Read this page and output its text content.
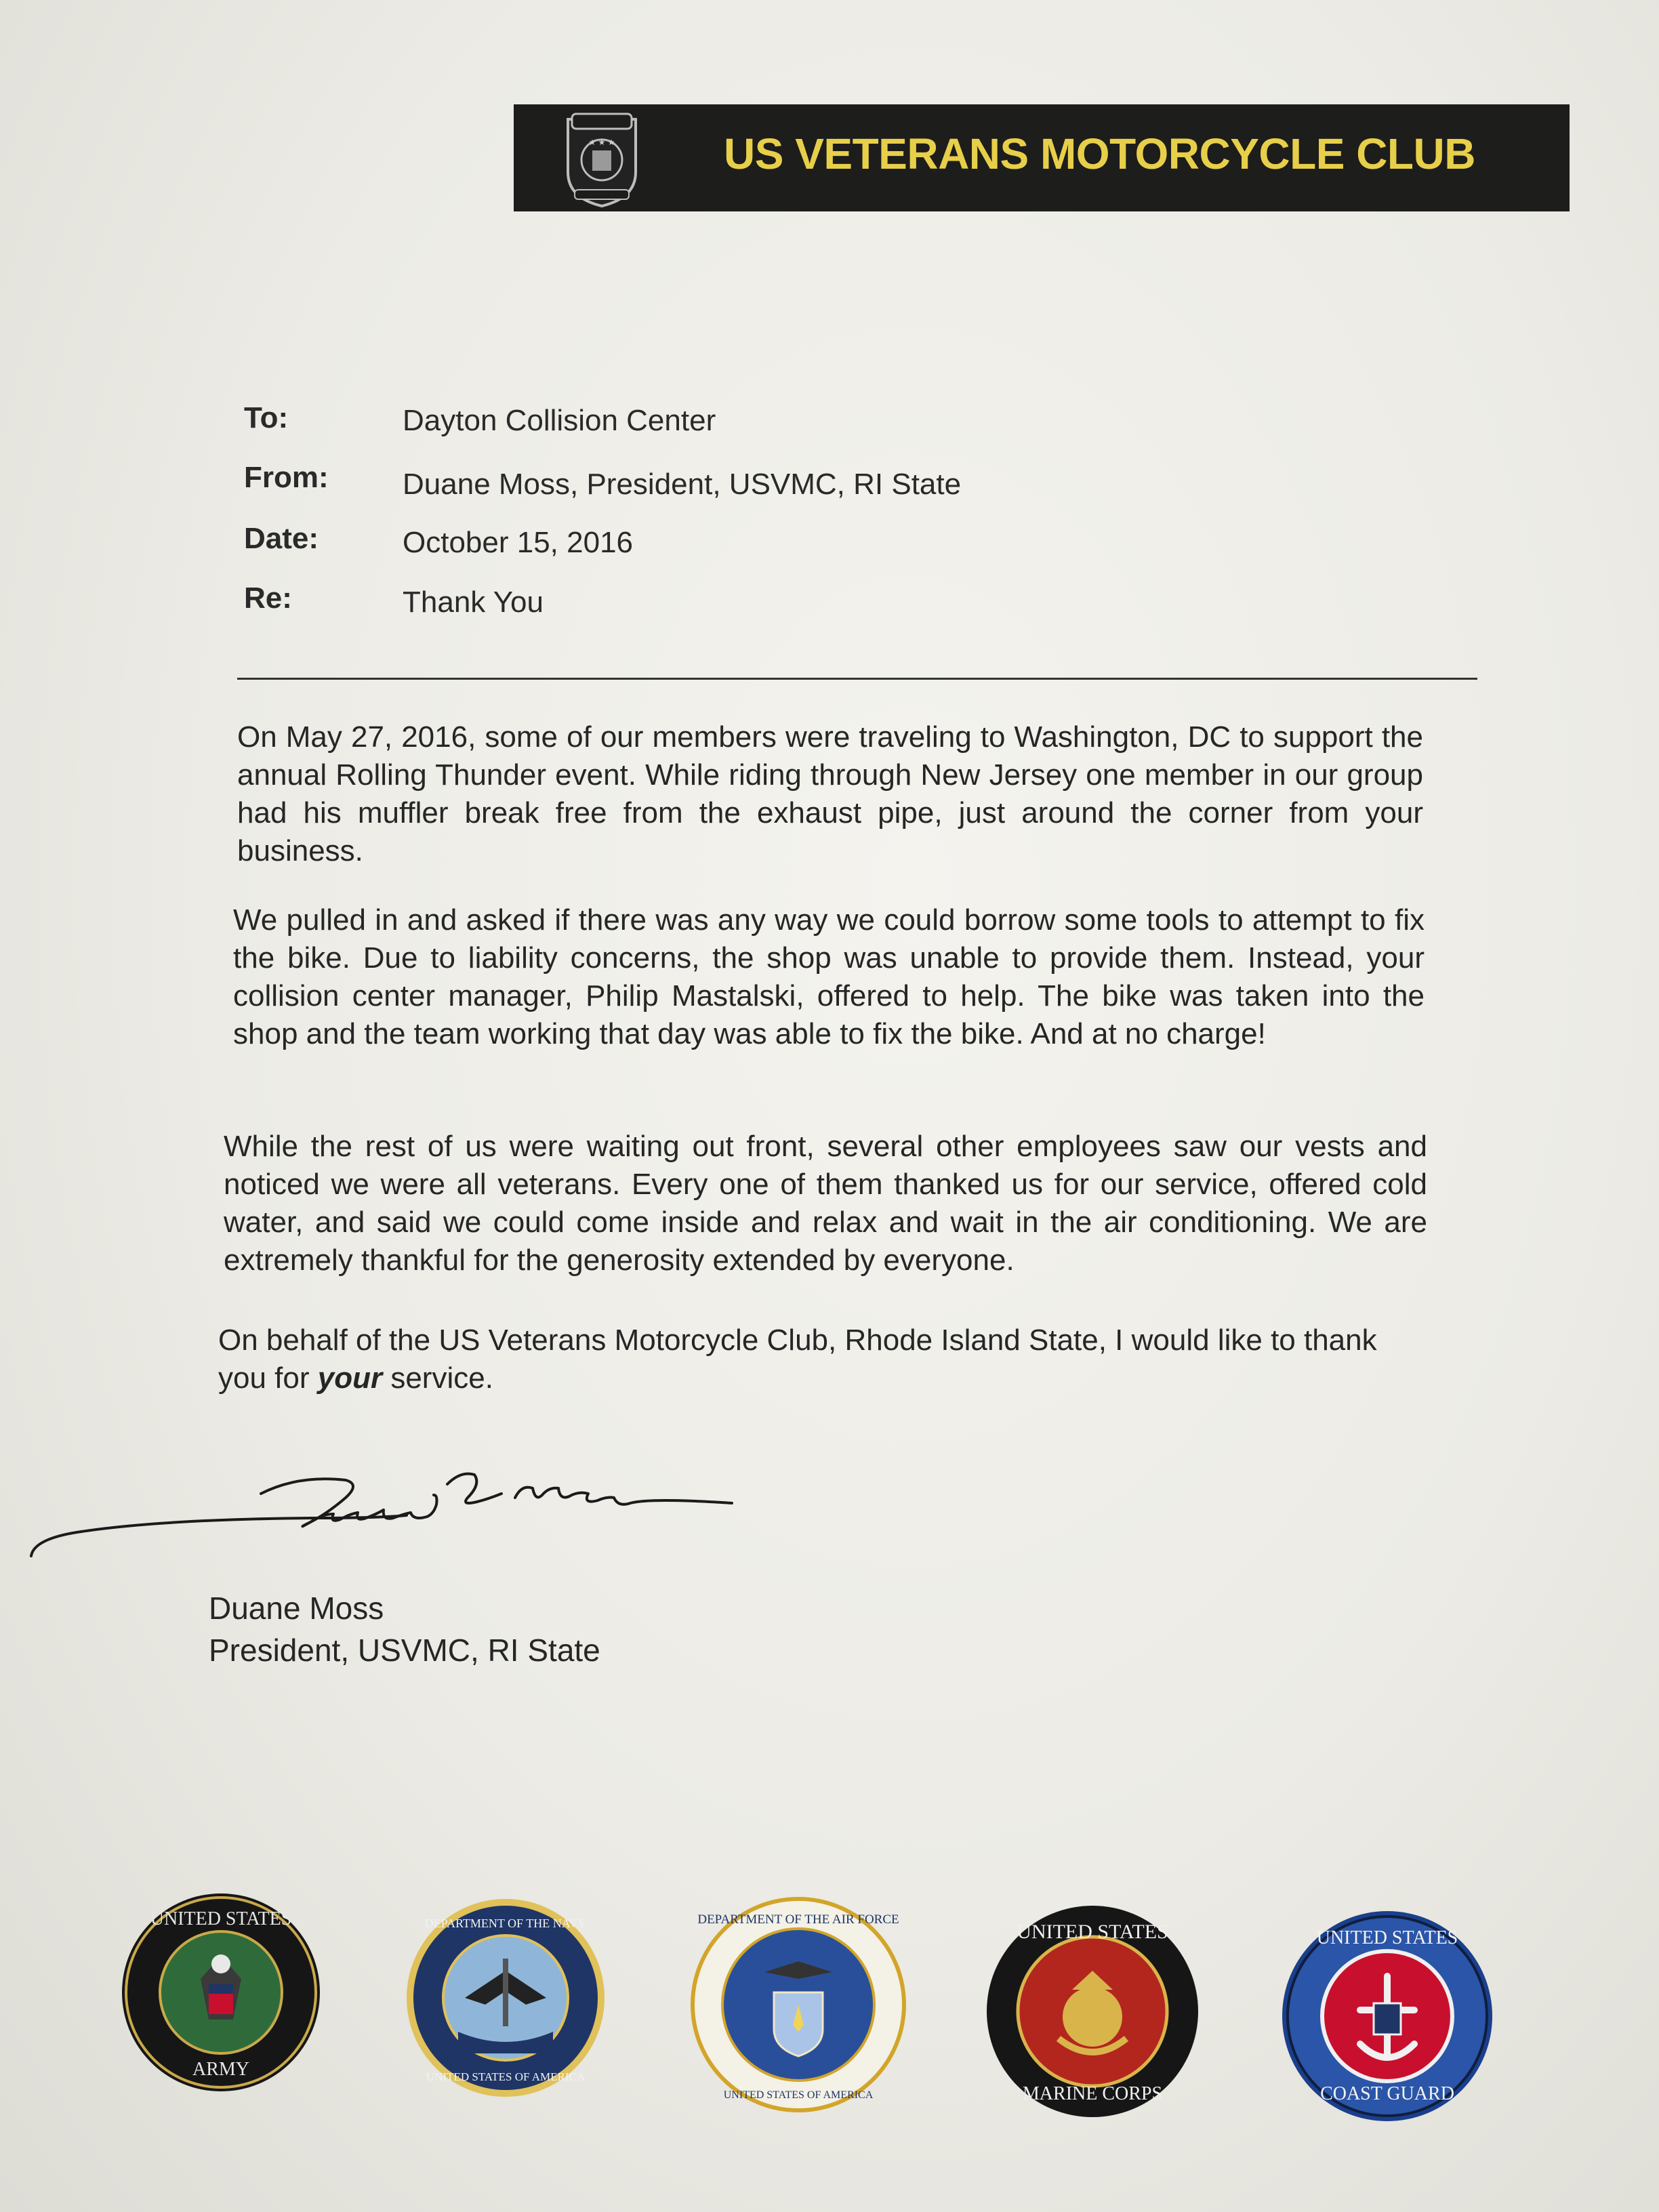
★ ★ ★	US VETERANS MOTORCYCLE CLUB
To:	Dayton Collision Center
From: Duane Moss, President, USVMC, RI State
Date:	October 15, 2016
Re:	Thank You
On May 27, 2016, some of our members were traveling to Washington, DC to support the annual Rolling Thunder event. While riding through New Jersey one member in our group had his muffler break free from the exhaust pipe, just around the corner from your business.
We pulled in and asked if there was any way we could borrow some tools to attempt to fix the bike. Due to liability concerns, the shop was unable to provide them. Instead, your collision center manager, Philip Mastalski, offered to help. The bike was taken into the shop and the team working that day was able to fix the bike. And at no charge!
While the rest of us were waiting out front, several other employees saw our vests and noticed we were all veterans. Every one of them thanked us for our service, offered cold water, and said we could come inside and relax and wait in the air conditioning. We are extremely thankful for the generosity extended by everyone.
On behalf of the US Veterans Motorcycle Club, Rhode Island State, I would like to thank you for your service.
Duane Moss
President, USVMC, RI State
UNITED STATES
ARMY
DEPARTMENT OF THE NAVY
UNITED STATES OF AMERICA
DEPARTMENT OF THE AIR FORCE
UNITED STATES OF AMERICA
UNITED STATES
MARINE CORPS
UNITED STATES
COAST GUARD
